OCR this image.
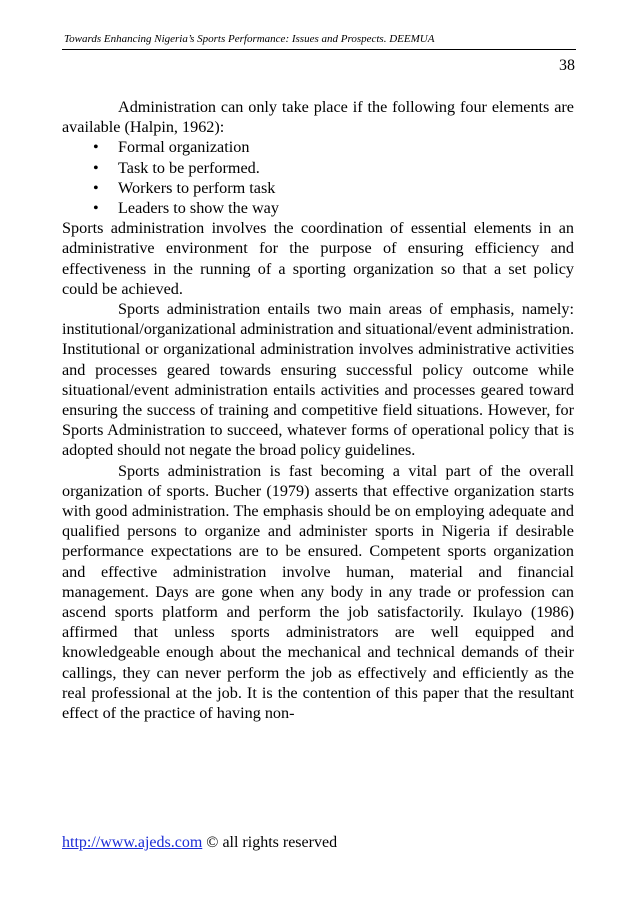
Towards Enhancing Nigeria’s Sports Performance: Issues and Prospects. DEEMUA
38

Administration can only take place if the following four elements are available (Halpin, 1962):

• Formal organization
• Task to be performed.
• Workers to perform task
• Leaders to show the way

Sports administration involves the coordination of essential elements in an administrative environment for the purpose of ensuring efficiency and effectiveness in the running of a sporting organization so that a set policy could be achieved.

Sports administration entails two main areas of emphasis, namely: institutional/organizational administration and situational/event administration. Institutional or organizational administration involves administrative activities and processes geared towards ensuring successful policy outcome while situational/event administration entails activities and processes geared toward ensuring the success of training and competitive field situations. However, for Sports Administration to succeed, whatever forms of operational policy that is adopted should not negate the broad policy guidelines.

Sports administration is fast becoming a vital part of the overall organization of sports. Bucher (1979) asserts that effective organization starts with good administration. The emphasis should be on employing adequate and qualified persons to organize and administer sports in Nigeria if desirable performance expectations are to be ensured. Competent sports organization and effective administration involve human, material and financial management. Days are gone when any body in any trade or profession can ascend sports platform and perform the job satisfactorily. Ikulayo (1986) affirmed that unless sports administrators are well equipped and knowledgeable enough about the mechanical and technical demands of their callings, they can never perform the job as effectively and efficiently as the real professional at the job. It is the contention of this paper that the resultant effect of the practice of having non-

http://www.ajeds.com © all rights reserved
